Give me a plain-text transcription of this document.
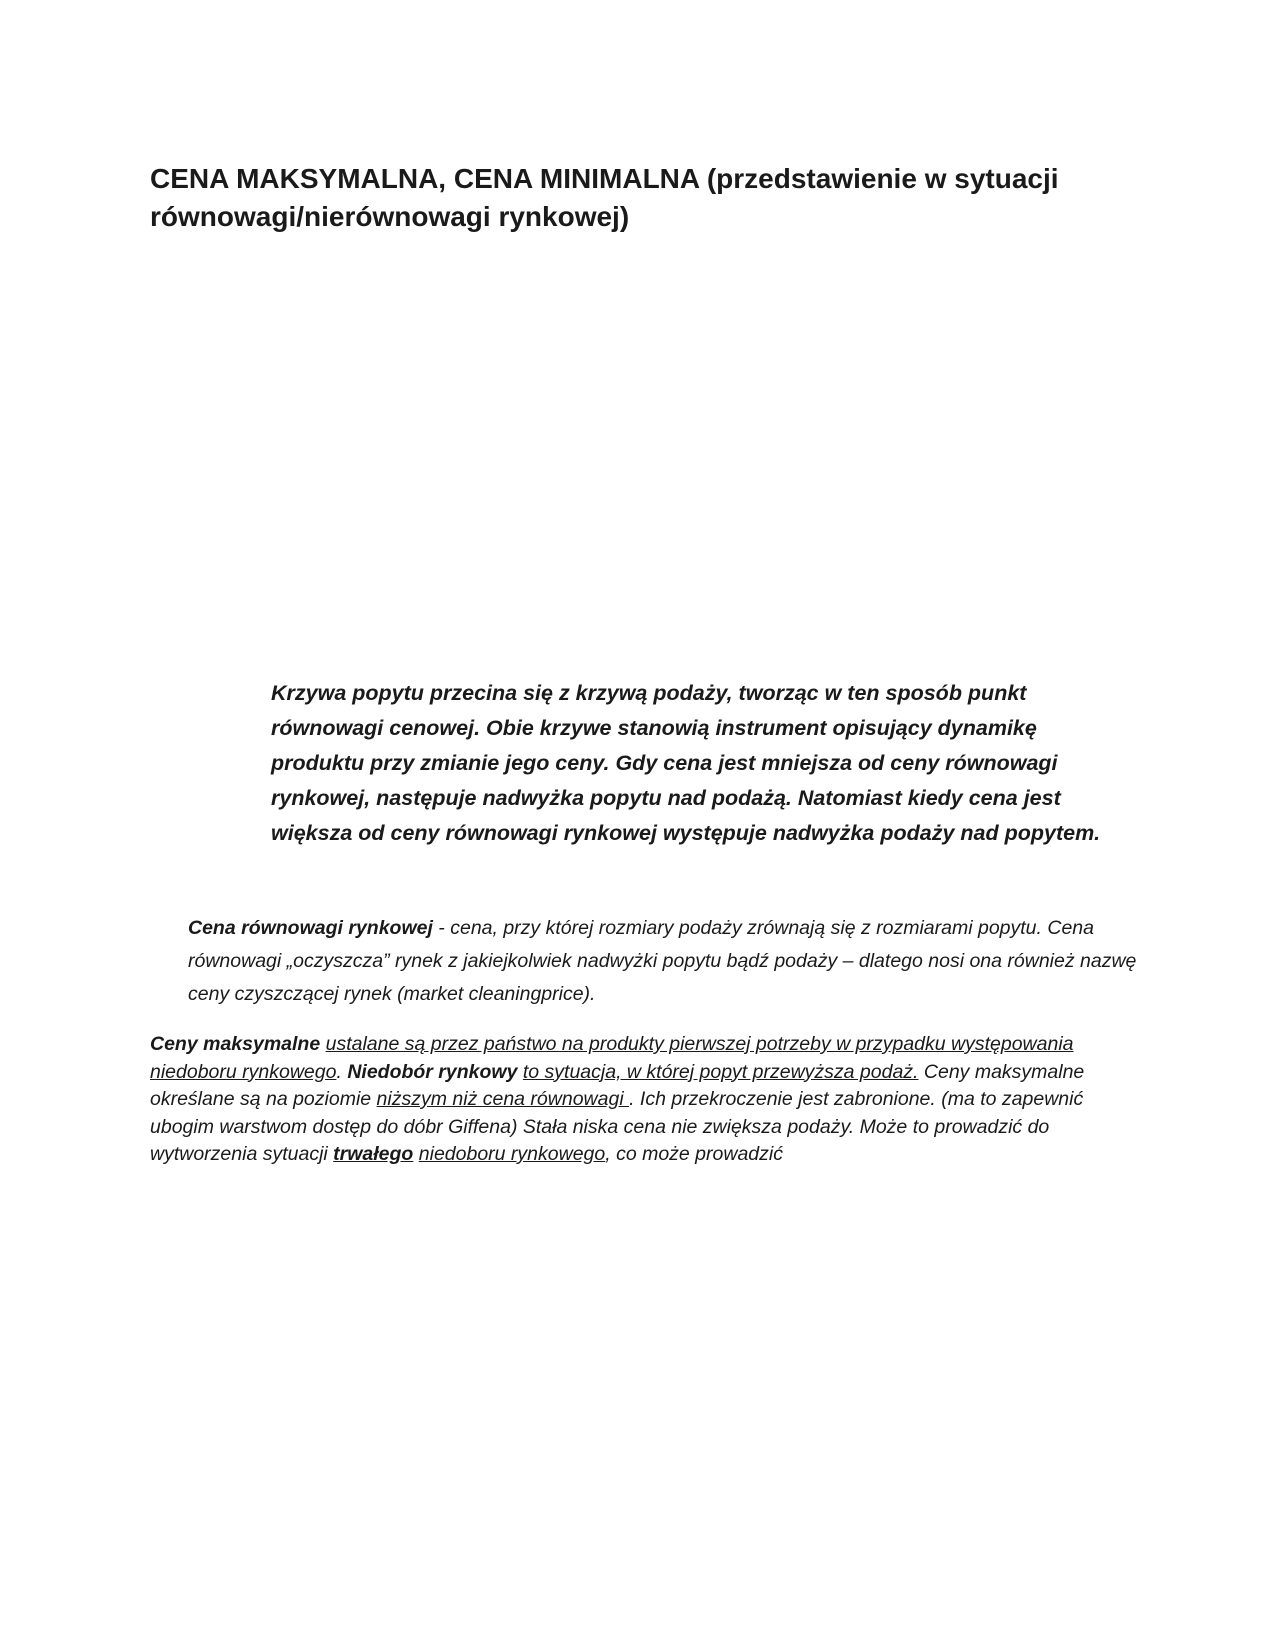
CENA MAKSYMALNA, CENA MINIMALNA (przedstawienie w sytuacji równowagi/nierównowagi rynkowej)

Krzywa popytu przecina się z krzywą podaży, tworząc w ten sposób punkt równowagi cenowej. Obie krzywe stanowią instrument opisujący dynamikę produktu przy zmianie jego ceny. Gdy cena jest mniejsza od ceny równowagi rynkowej, następuje nadwyżka popytu nad podażą. Natomiast kiedy cena jest większa od ceny równowagi rynkowej występuje nadwyżka podaży nad popytem.

Cena równowagi rynkowej - cena, przy której rozmiary podaży zrównają się z rozmiarami popytu. Cena równowagi „oczyszcza” rynek z jakiejkolwiek nadwyżki popytu bądź podaży – dlatego nosi ona również nazwę ceny czyszczącej rynek (market cleaningprice).

Ceny maksymalne ustalane są przez państwo na produkty pierwszej potrzeby w przypadku występowania niedoboru rynkowego. Niedobór rynkowy to sytuacja, w której popyt przewyższa podaż. Ceny maksymalne określane są na poziomie niższym niż cena równowagi . Ich przekroczenie jest zabronione. (ma to zapewnić ubogim warstwom dostęp do dóbr Giffena) Stała niska cena nie zwiększa podaży. Może to prowadzić do wytworzenia sytuacji trwałego niedoboru rynkowego, co może prowadzić
